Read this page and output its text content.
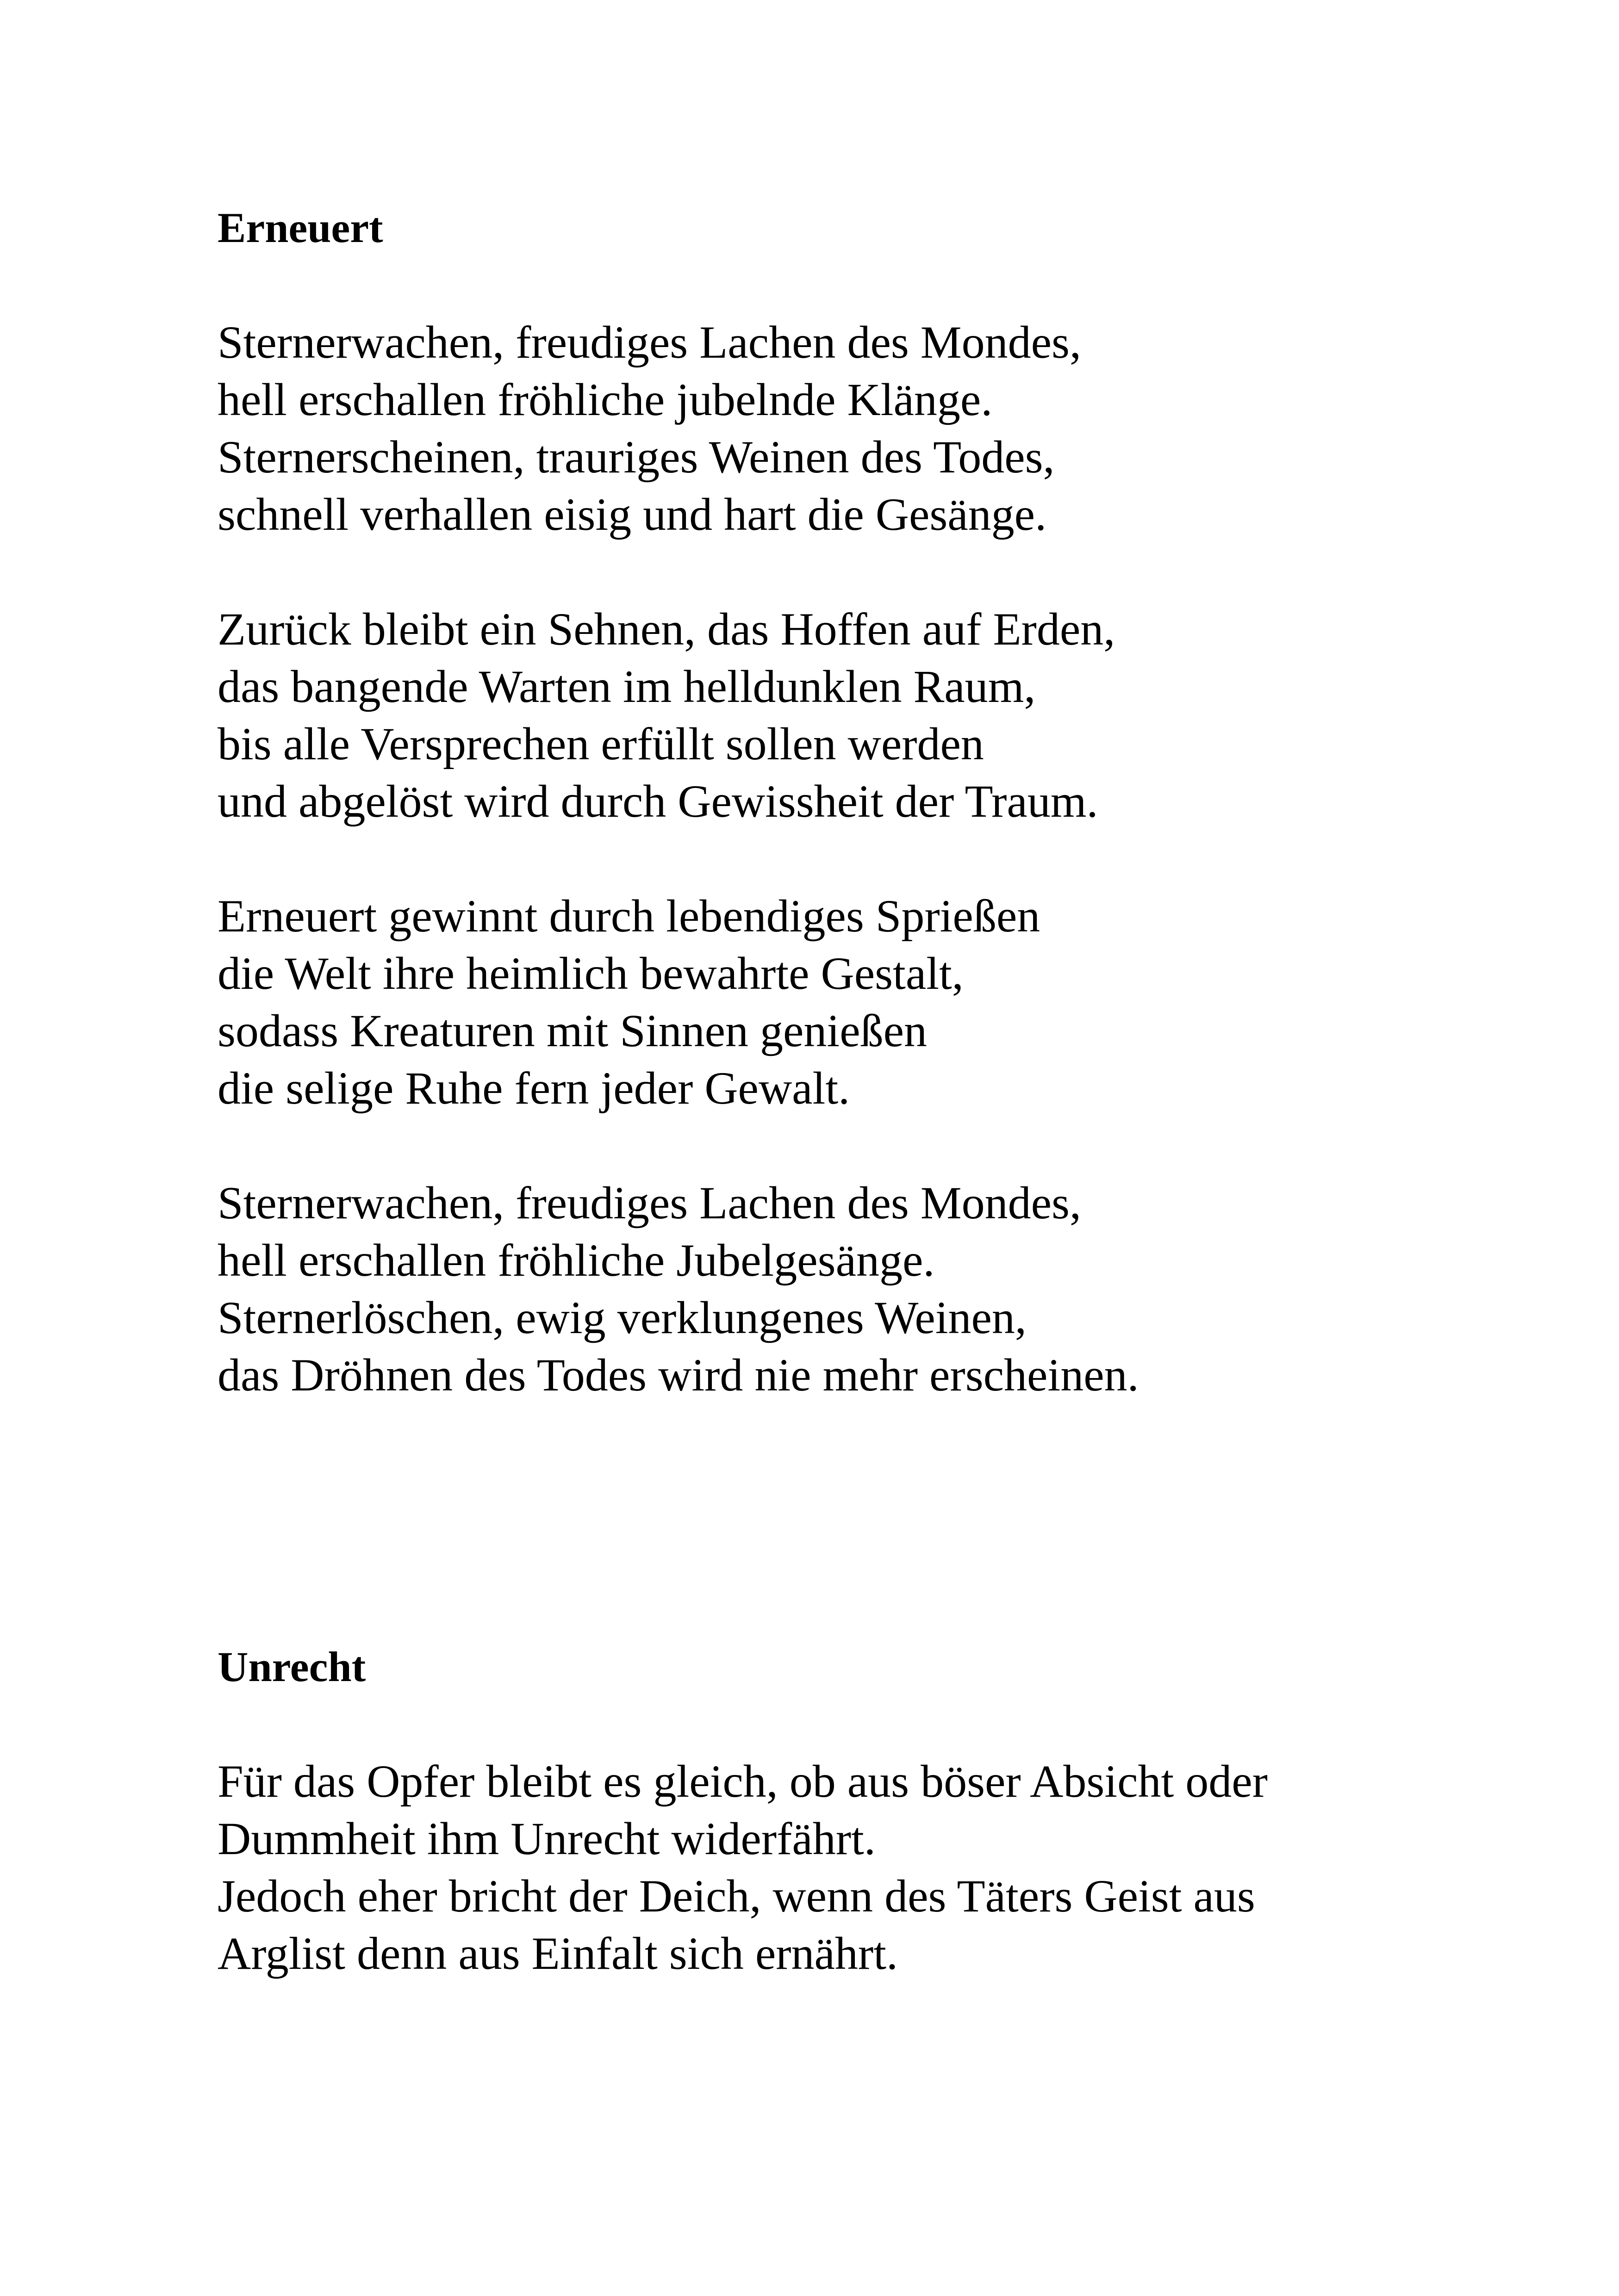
Erneuert
Sternerwachen, freudiges Lachen des Mondes,
hell erschallen fröhliche jubelnde Klänge.
Sternerscheinen, trauriges Weinen des Todes,
schnell verhallen eisig und hart die Gesänge.
Zurück bleibt ein Sehnen, das Hoffen auf Erden,
das bangende Warten im helldunklen Raum,
bis alle Versprechen erfüllt sollen werden
und abgelöst wird durch Gewissheit der Traum.
Erneuert gewinnt durch lebendiges Sprießen
die Welt ihre heimlich bewahrte Gestalt,
sodass Kreaturen mit Sinnen genießen
die selige Ruhe fern jeder Gewalt.
Sternerwachen, freudiges Lachen des Mondes,
hell erschallen fröhliche Jubelgesänge.
Sternerlöschen, ewig verklungenes Weinen,
das Dröhnen des Todes wird nie mehr erscheinen.
Unrecht
Für das Opfer bleibt es gleich, ob aus böser Absicht oder
Dummheit ihm Unrecht widerfährt.
Jedoch eher bricht der Deich, wenn des Täters Geist aus
Arglist denn aus Einfalt sich ernährt.
